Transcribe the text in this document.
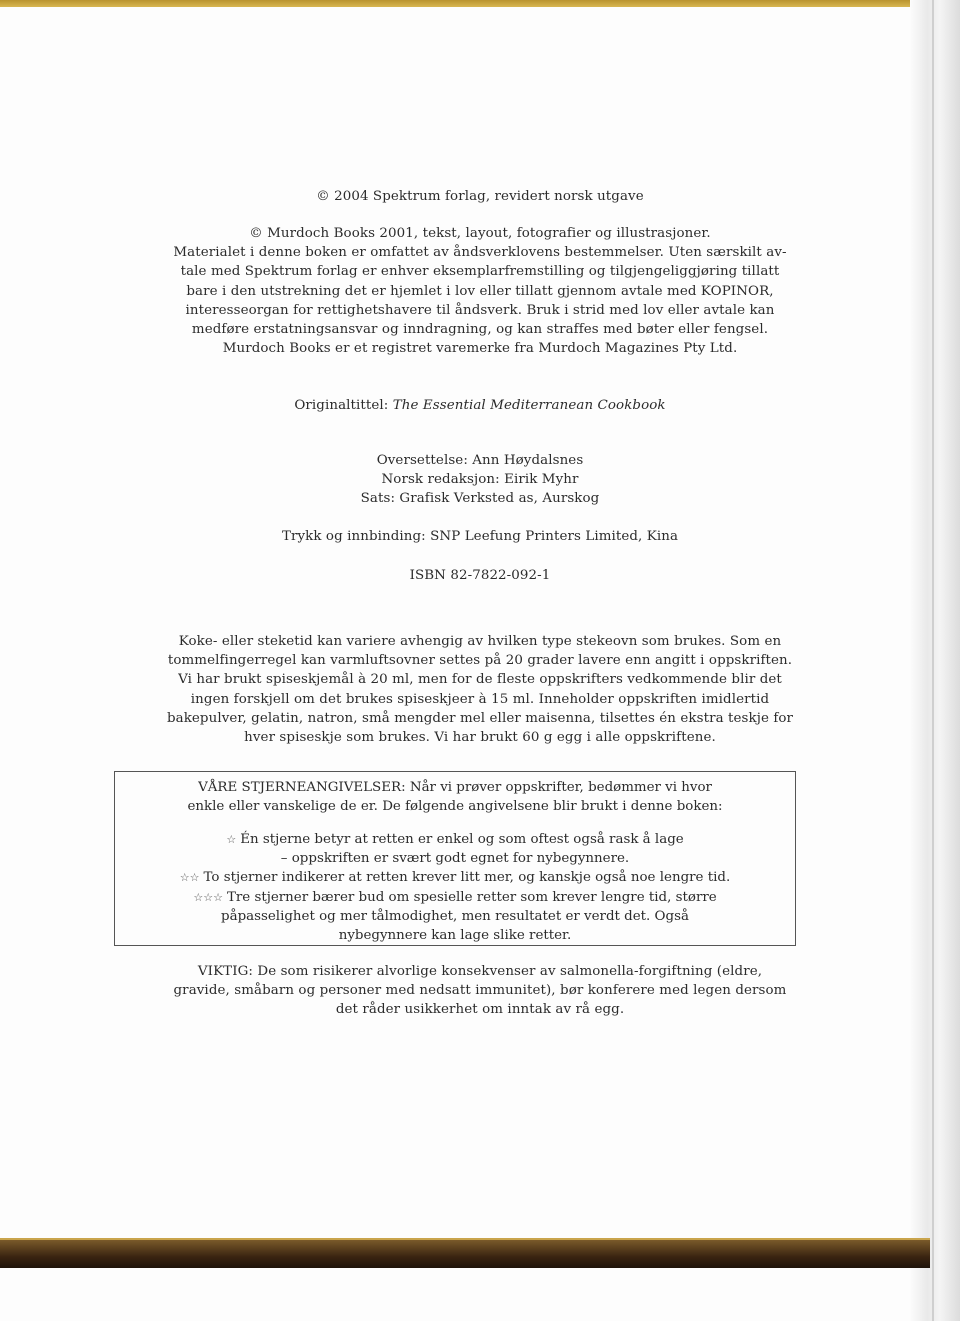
© 2004 Spektrum forlag, revidert norsk utgave

© Murdoch Books 2001, tekst, layout, fotografier og illustrasjoner.

Materialet i denne boken er omfattet av åndsverklovens bestemmelser. Uten særskilt av-

tale med Spektrum forlag er enhver eksemplarfremstilling og tilgjengeliggjøring tillatt

bare i den utstrekning det er hjemlet i lov eller tillatt gjennom avtale med KOPINOR,

interesseorgan for rettighetshavere til åndsverk. Bruk i strid med lov eller avtale kan

medføre erstatningsansvar og inndragning, og kan straffes med bøter eller fengsel.

Murdoch Books er et registret varemerke fra Murdoch Magazines Pty Ltd.

Originaltittel: The Essential Mediterranean Cookbook

Oversettelse: Ann Høydalsnes

Norsk redaksjon: Eirik Myhr

Sats: Grafisk Verksted as, Aurskog

Trykk og innbinding: SNP Leefung Printers Limited, Kina

ISBN 82-7822-092-1

Koke- eller steketid kan variere avhengig av hvilken type stekeovn som brukes. Som en

tommelfingerregel kan varmluftsovner settes på 20 grader lavere enn angitt i oppskriften.

Vi har brukt spiseskjemål à 20 ml, men for de fleste oppskrifters vedkommende blir det

ingen forskjell om det brukes spiseskjeer à 15 ml. Inneholder oppskriften imidlertid

bakepulver, gelatin, natron, små mengder mel eller maisenna, tilsettes én ekstra teskje for

hver spiseskje som brukes. Vi har brukt 60 g egg i alle oppskriftene.

VÅRE STJERNEANGIVELSER: Når vi prøver oppskrifter, bedømmer vi hvor

enkle eller vanskelige de er. De følgende angivelsene blir brukt i denne boken:

☆ Én stjerne betyr at retten er enkel og som oftest også rask å lage

– oppskriften er svært godt egnet for nybegynnere.

☆☆ To stjerner indikerer at retten krever litt mer, og kanskje også noe lengre tid.

☆☆☆ Tre stjerner bærer bud om spesielle retter som krever lengre tid, større

påpasselighet og mer tålmodighet, men resultatet er verdt det. Også

nybegynnere kan lage slike retter.

VIKTIG: De som risikerer alvorlige konsekvenser av salmonella-forgiftning (eldre,

gravide, småbarn og personer med nedsatt immunitet), bør konferere med legen dersom

det råder usikkerhet om inntak av rå egg.
